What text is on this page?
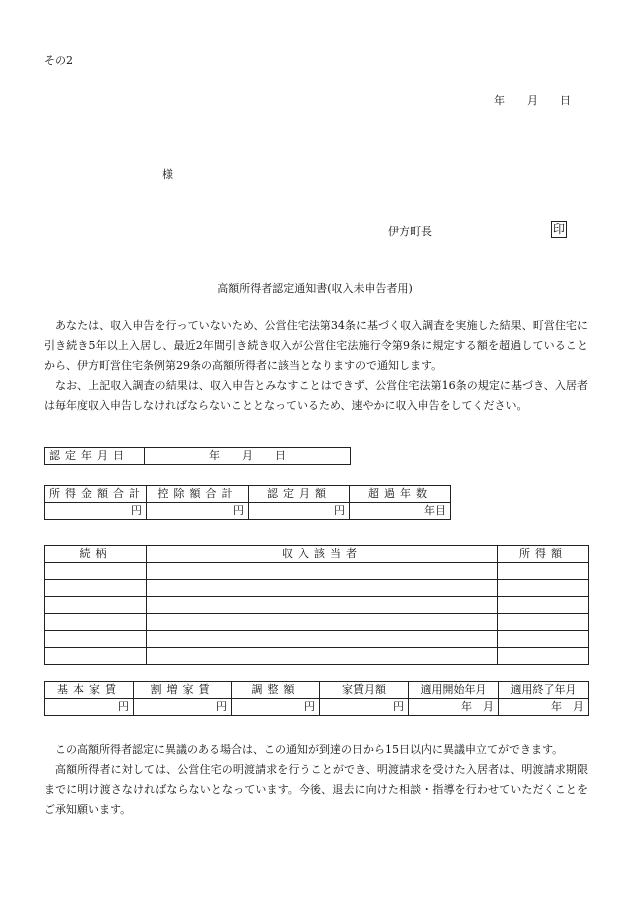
その2
年　　月　　日
様
伊方町長	印
高額所得者認定通知書(収入未申告者用)

あなたは、収入申告を行っていないため、公営住宅法第34条に基づく収入調査を実施した結果、町営住宅に引き続き5年以上入居し、最近2年間引き続き収入が公営住宅法施行令第9条に規定する額を超過していることから、伊方町営住宅条例第29条の高額所得者に該当となりますので通知します。

なお、上記収入調査の結果は、収入申告とみなすことはできず、公営住宅法第16条の規定に基づき、入居者は毎年度収入申告しなければならないこととなっているため、速やかに収入申告をしてください。

認定年月日	年　　月　　日
所得金額合計	控除額合計	認定月額	超過年数
円	円	円	年目
続柄	収入該当者	所得額

基本家賃	割増家賃	調整額	家賃月額	適用開始年月	適用終了年月
円	円	円	円	年　月	年　月

この高額所得者認定に異議のある場合は、この通知が到達の日から15日以内に異議申立てができます。

高額所得者に対しては、公営住宅の明渡請求を行うことができ、明渡請求を受けた入居者は、明渡請求期限までに明け渡さなければならないとなっています。今後、退去に向けた相談・指導を行わせていただくことをご承知願います。
